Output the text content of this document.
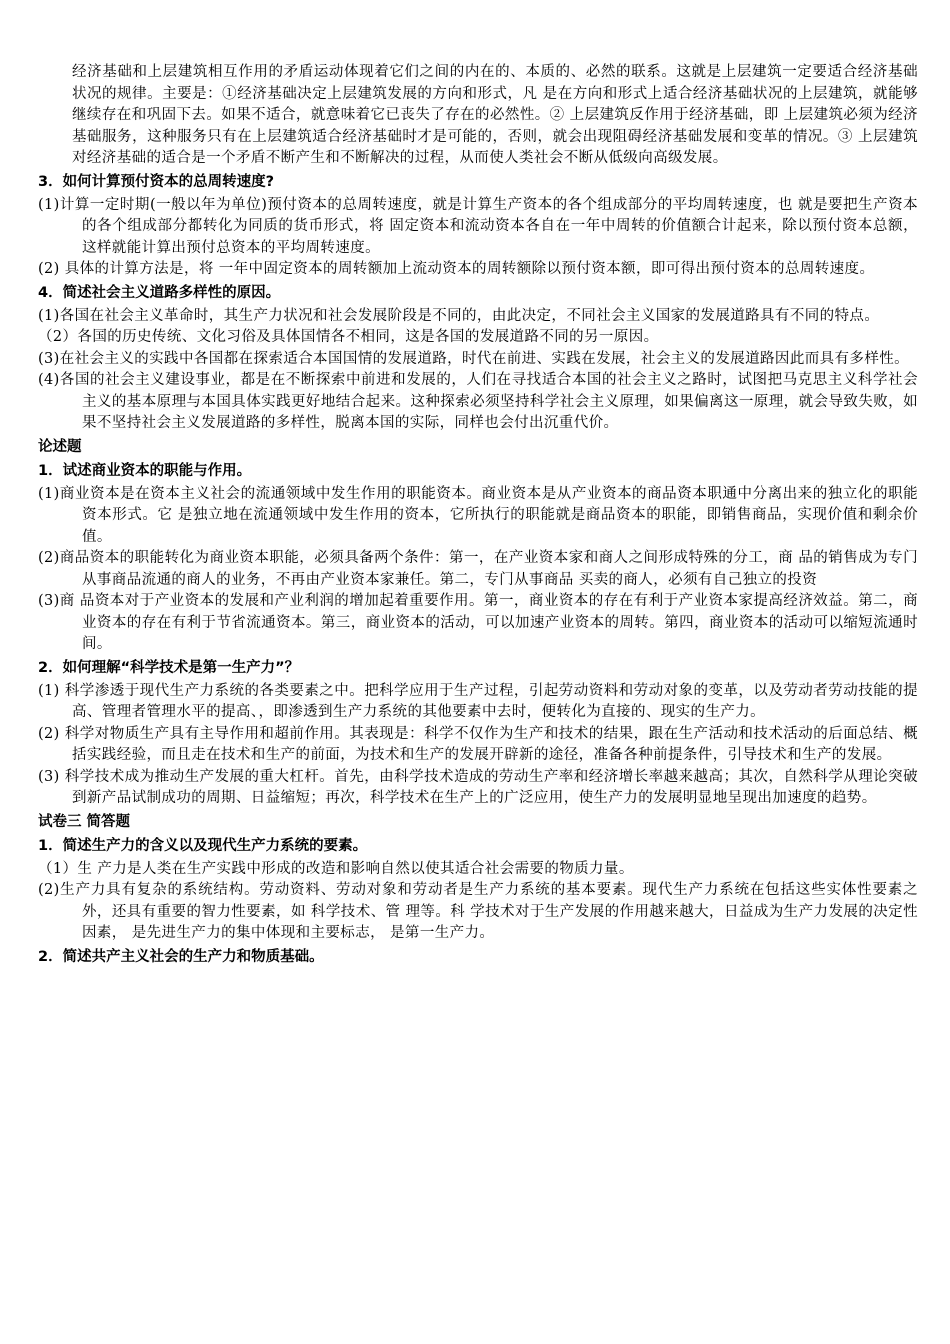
经济基础和上层建筑相互作用的矛盾运动体现着它们之间的内在的、本质的、必然的联系。这就是上层建筑一定要适合经济基础状况的规律。主要是：①经济基础决定上层建筑发展的方向和形式，凡 是在方向和形式上适合经济基础状况的上层建筑，就能够继续存在和巩固下去。如果不适合，就意味着它已丧失了存在的必然性。② 上层建筑反作用于经济基础，即 上层建筑必须为经济基础服务，这种服务只有在上层建筑适合经济基础时才是可能的，否则，就会出现阻碍经济基础发展和变革的情况。③ 上层建筑对经济基础的适合是一个矛盾不断产生和不断解决的过程，从而使人类社会不断从低级向高级发展。

3．如何计算预付资本的总周转速度?

(1)计算一定时期(一般以年为单位)预付资本的总周转速度，就是计算生产资本的各个组成部分的平均周转速度，也 就是要把生产资本的各个组成部分都转化为同质的货币形式，将 固定资本和流动资本各自在一年中周转的价值额合计起来，除以预付资本总额，这样就能计算出预付总资本的平均周转速度。

(2) 具体的计算方法是，将 一年中固定资本的周转额加上流动资本的周转额除以预付资本额，即可得出预付资本的总周转速度。

4．简述社会主义道路多样性的原因。

(1)各国在社会主义革命时，其生产力状况和社会发展阶段是不同的，由此决定，不同社会主义国家的发展道路具有不同的特点。

（2）各国的历史传统、文化习俗及具体国情各不相同，这是各国的发展道路不同的另一原因。

(3)在社会主义的实践中各国都在探索适合本国国情的发展道路，时代在前进、实践在发展，社会主义的发展道路因此而具有多样性。

(4)各国的社会主义建设事业，都是在不断探索中前进和发展的，人们在寻找适合本国的社会主义之路时，试图把马克思主义科学社会主义的基本原理与本国具体实践更好地结合起来。这种探索必须坚持科学社会主义原理，如果偏离这一原理，就会导致失败，如果不坚持社会主义发展道路的多样性，脱离本国的实际，同样也会付出沉重代价。

论述题
1．试述商业资本的职能与作用。

(1)商业资本是在资本主义社会的流通领域中发生作用的职能资本。商业资本是从产业资本的商品资本职通中分离出来的独立化的职能资本形式。它 是独立地在流通领域中发生作用的资本，它所执行的职能就是商品资本的职能，即销售商品，实现价值和剩余价值。

(2)商品资本的职能转化为商业资本职能，必须具备两个条件：第一，在产业资本家和商人之间形成特殊的分工，商 品的销售成为专门从事商品流通的商人的业务，不再由产业资本家兼任。第二，专门从事商品 买卖的商人，必须有自己独立的投资

(3)商 品资本对于产业资本的发展和产业利润的增加起着重要作用。第一，商业资本的存在有利于产业资本家提高经济效益。第二，商业资本的存在有利于节省流通资本。第三，商业资本的活动，可以加速产业资本的周转。第四，商业资本的活动可以缩短流通时间。

2．如何理解“科学技术是第一生产力”？

(1) 科学渗透于现代生产力系统的各类要素之中。把科学应用于生产过程，引起劳动资料和劳动对象的变革，以及劳动者劳动技能的提高、管理者管理水平的提高、，即渗透到生产力系统的其他要素中去时，便转化为直接的、现实的生产力。

(2) 科学对物质生产具有主导作用和超前作用。其表现是：科学不仅作为生产和技术的结果，跟在生产活动和技术活动的后面总结、概括实践经验，而且走在技术和生产的前面，为技术和生产的发展开辟新的途径，准备各种前提条件，引导技术和生产的发展。

(3) 科学技术成为推动生产发展的重大杠杆。首先，由科学技术造成的劳动生产率和经济增长率越来越高；其次，自然科学从理论突破到新产品试制成功的周期、日益缩短；再次，科学技术在生产上的广泛应用，使生产力的发展明显地呈现出加速度的趋势。

试卷三 简答题
1．简述生产力的含义以及现代生产力系统的要素。

（1）生 产力是人类在生产实践中形成的改造和影响自然以使其适合社会需要的物质力量。

(2)生产力具有复杂的系统结构。劳动资料、劳动对象和劳动者是生产力系统的基本要素。现代生产力系统在包括这些实体性要素之外，还具有重要的智力性要素，如 科学技术、管 理等。科 学技术对于生产发展的作用越来越大，日益成为生产力发展的决定性因素， 是先进生产力的集中体现和主要标志， 是第一生产力。

2．简述共产主义社会的生产力和物质基础。
